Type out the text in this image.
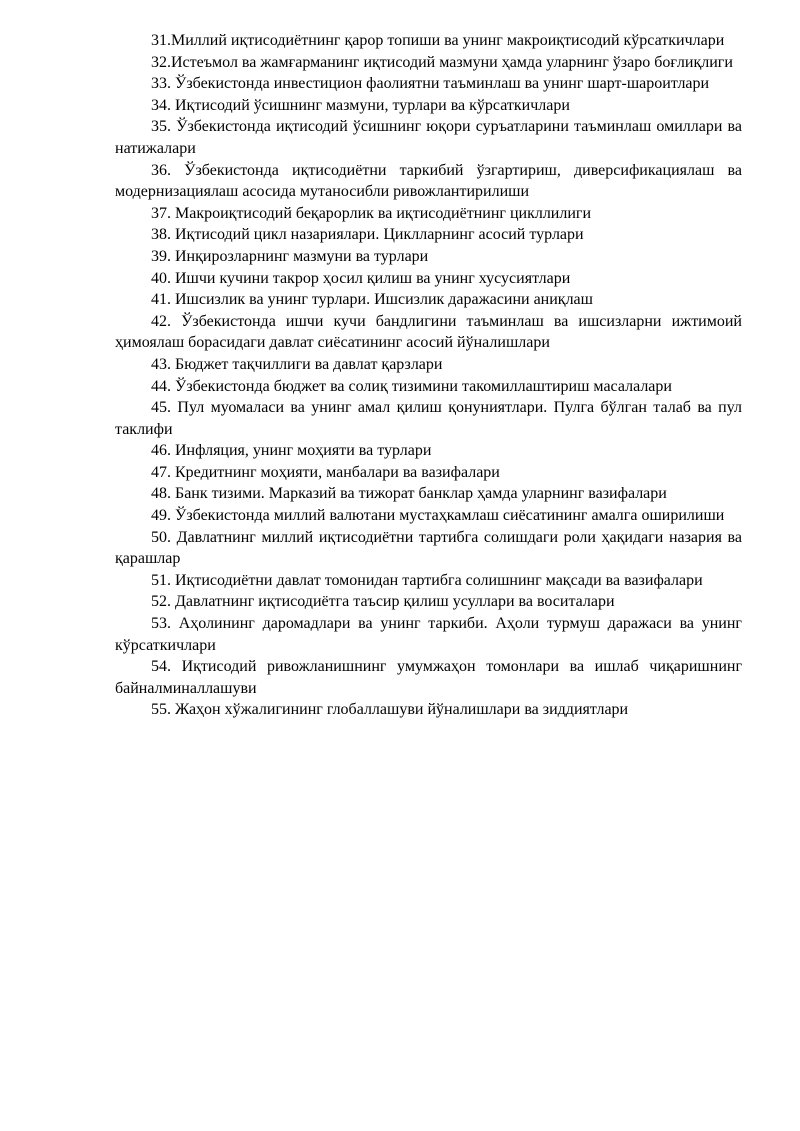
31.Миллий иқтисодиётнинг қарор топиши ва унинг макроиқтисодий кўрсаткичлари

32.Истеъмол ва жамғарманинг иқтисодий мазмуни ҳамда уларнинг ўзаро боғлиқлиги

33. Ўзбекистонда инвестицион фаолиятни таъминлаш ва унинг шарт-шароитлари

34. Иқтисодий ўсишнинг мазмуни, турлари ва кўрсаткичлари

35. Ўзбекистонда иқтисодий ўсишнинг юқори суръатларини таъминлаш омиллари ва натижалари

36. Ўзбекистонда иқтисодиётни таркибий ўзгартириш, диверсификациялаш ва модернизациялаш асосида мутаносибли ривожлантирилиши

37. Макроиқтисодий беқарорлик ва иқтисодиётнинг цикллилиги

38. Иқтисодий цикл назариялари. Циклларнинг асосий турлари

39. Инқирозларнинг мазмуни ва турлари

40. Ишчи кучини такрор ҳосил қилиш ва унинг хусусиятлари

41. Ишсизлик ва унинг турлари. Ишсизлик даражасини аниқлаш

42. Ўзбекистонда ишчи кучи бандлигини таъминлаш ва ишсизларни ижтимоий ҳимоялаш борасидаги давлат сиёсатининг асосий йўналишлари

43. Бюджет тақчиллиги ва давлат қарзлари

44. Ўзбекистонда бюджет ва солиқ тизимини такомиллаштириш масалалари

45. Пул муомаласи ва унинг амал қилиш қонуниятлари. Пулга бўлган талаб ва пул таклифи

46. Инфляция, унинг моҳияти ва турлари

47. Кредитнинг моҳияти, манбалари ва вазифалари

48. Банк тизими. Марказий ва тижорат банклар ҳамда уларнинг вазифалари

49. Ўзбекистонда миллий валютани мустаҳкамлаш сиёсатининг амалга оширилиши

50. Давлатнинг миллий иқтисодиётни тартибга солишдаги роли ҳақидаги назария ва қарашлар

51. Иқтисодиётни давлат томонидан тартибга солишнинг мақсади ва вазифалари

52. Давлатнинг иқтисодиётга таъсир қилиш усуллари ва воситалари

53. Аҳолининг даромадлари ва унинг таркиби. Аҳоли турмуш даражаси ва унинг кўрсаткичлари

54. Иқтисодий ривожланишнинг умумжаҳон томонлари ва ишлаб чиқаришнинг байналминаллашуви

55. Жаҳон хўжалигининг глобаллашуви йўналишлари ва зиддиятлари
